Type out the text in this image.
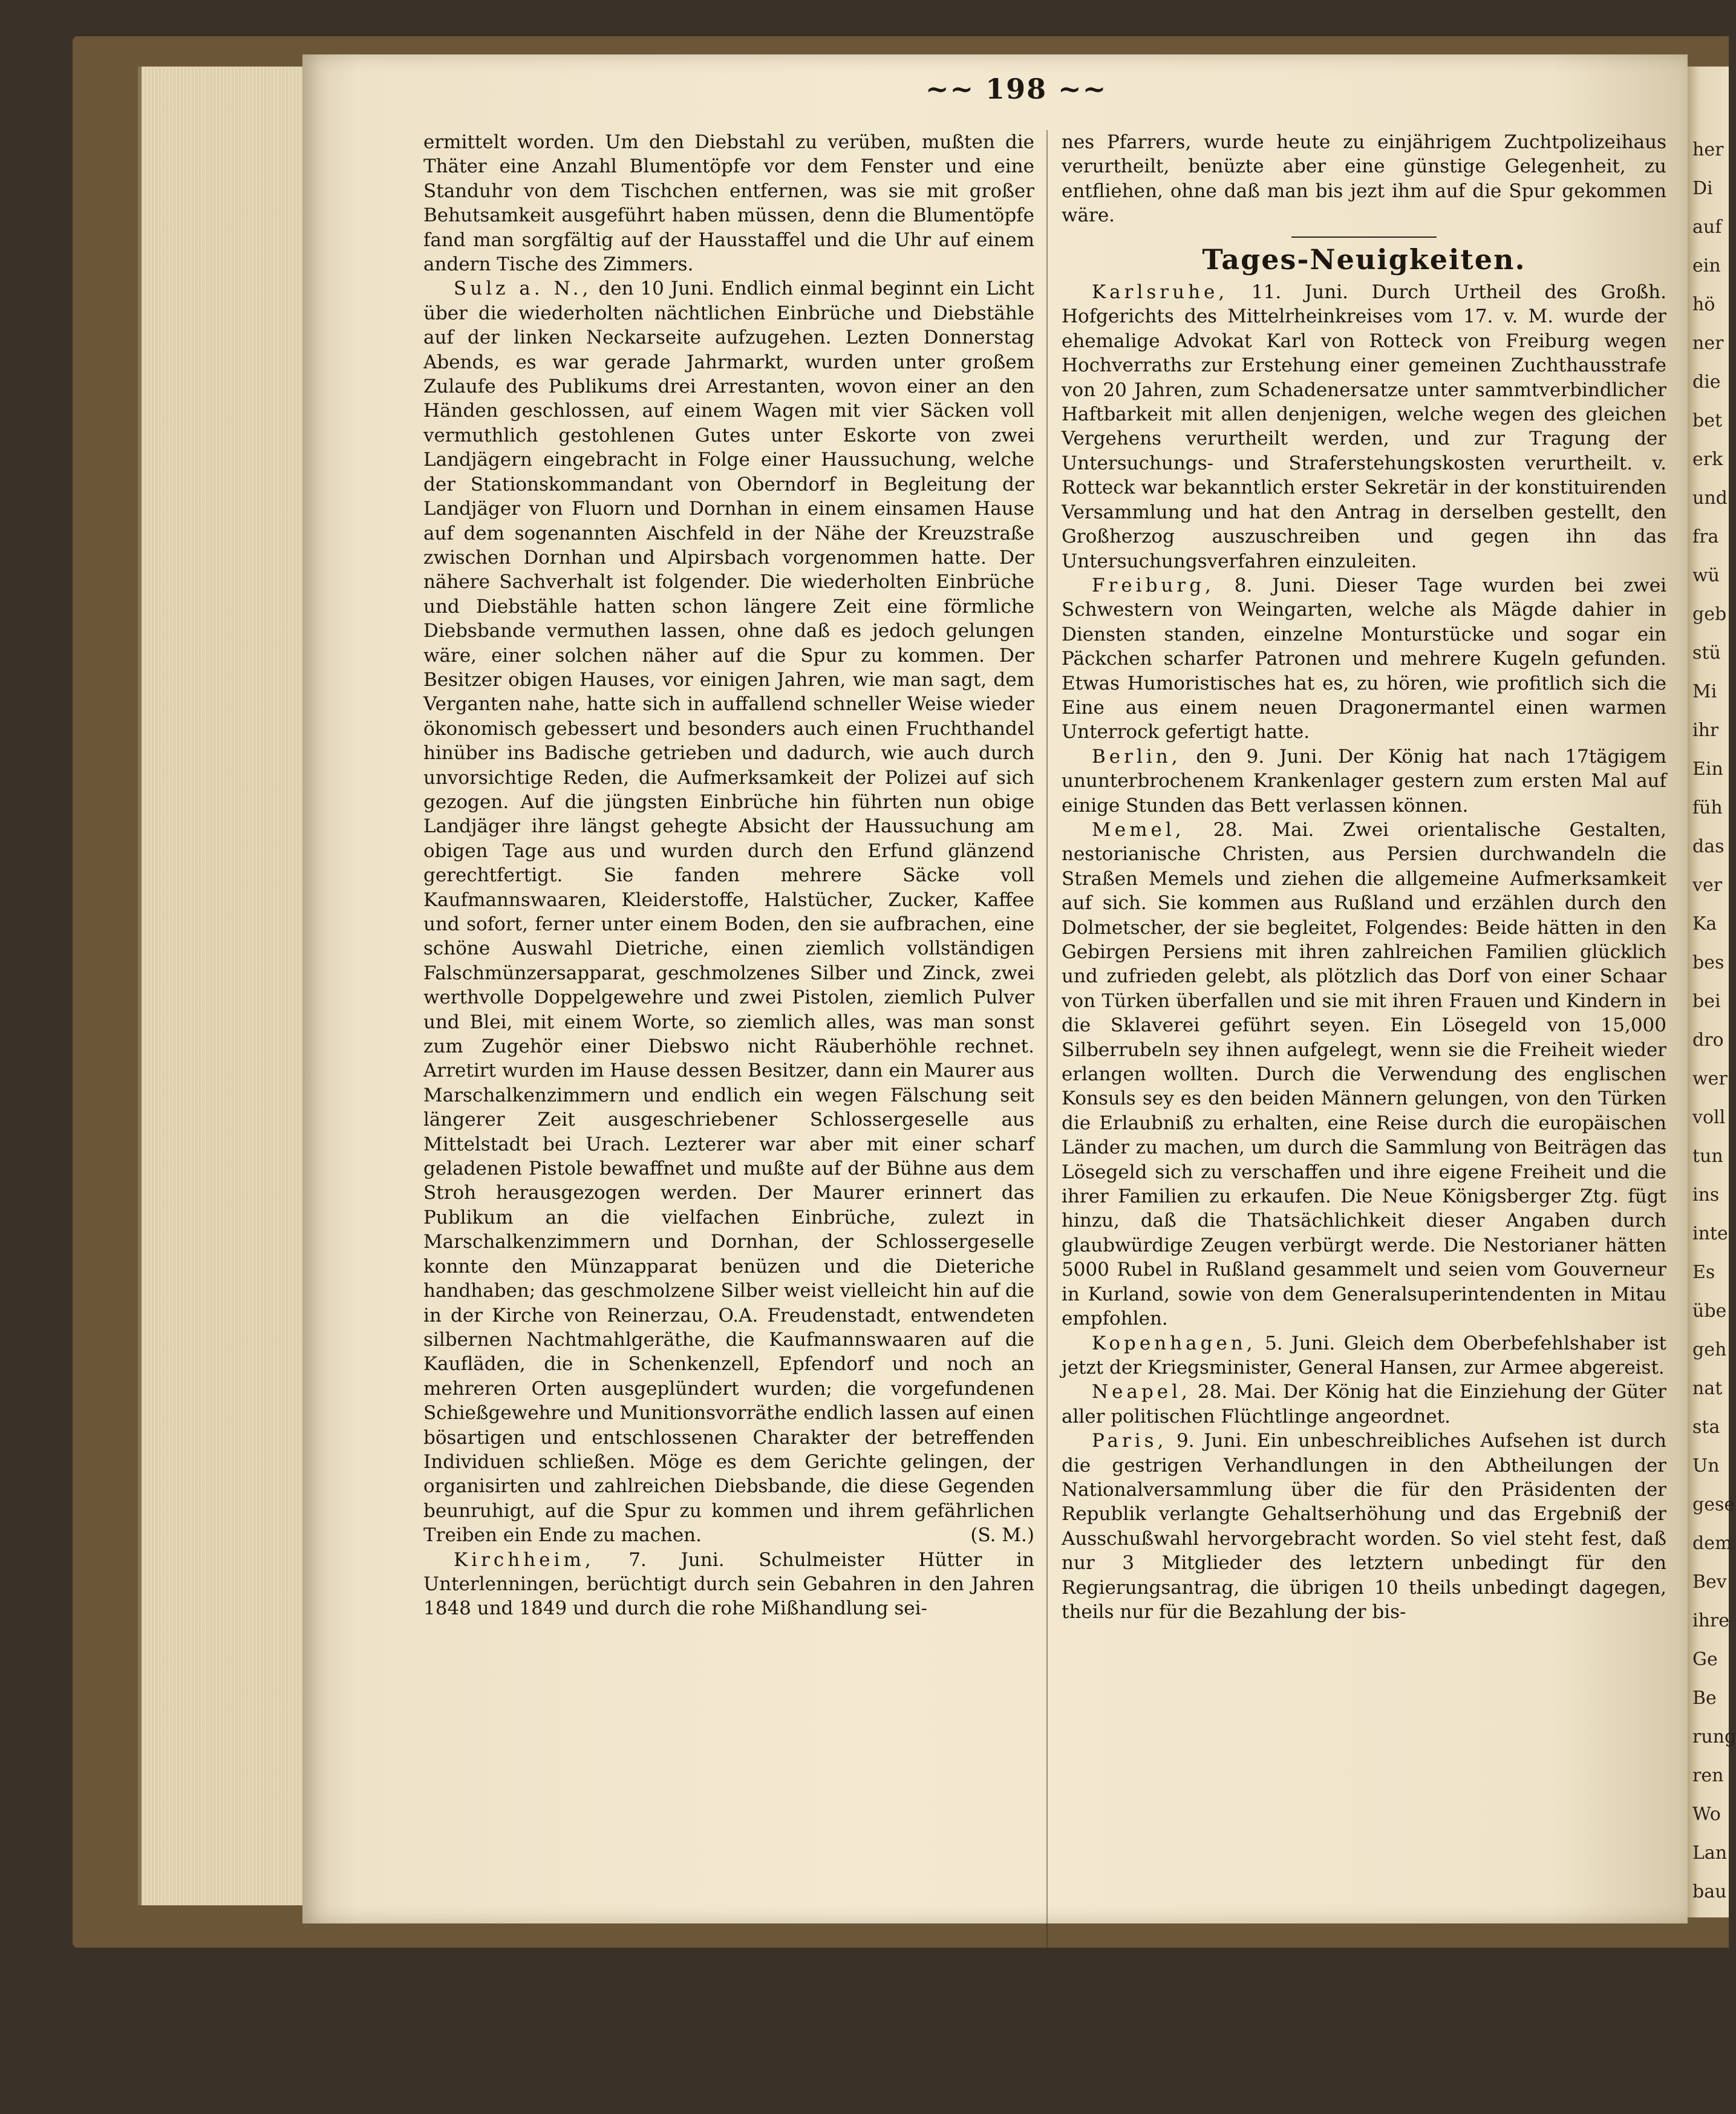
her
Di
auf
ein
hö
ner
die
bet
erk
und
fra
wü
geb
stü
Mi
ihr
Ein
füh
das
ver
Ka
bes
bei
dro
wer
voll
tun
ins
inte
Es
übe
geh
nat
sta
Un
gese
dem
Bev
ihre
Ge
Be
rung
ren
Wo
Lan
bau
~~ 198 ~~

ermittelt worden. Um den Diebstahl zu verüben, mußten die Thäter eine Anzahl Blumentöpfe vor dem Fenster und eine Standuhr von dem Tischchen entfernen, was sie mit großer Behutsamkeit ausgeführt haben müssen, denn die Blumentöpfe fand man sorgfältig auf der Hausstaffel und die Uhr auf einem andern Tische des Zimmers.

Sulz a. N., den 10 Juni. Endlich einmal beginnt ein Licht über die wiederholten nächtlichen Einbrüche und Diebstähle auf der linken Neckarseite aufzugehen. Lezten Donnerstag Abends, es war gerade Jahrmarkt, wurden unter großem Zulaufe des Publikums drei Arrestanten, wovon einer an den Händen geschlossen, auf einem Wagen mit vier Säcken voll vermuthlich gestohlenen Gutes unter Eskorte von zwei Landjägern eingebracht in Folge einer Haussuchung, welche der Stationskommandant von Oberndorf in Begleitung der Landjäger von Fluorn und Dornhan in einem einsamen Hause auf dem sogenannten Aischfeld in der Nähe der Kreuzstraße zwischen Dornhan und Alpirsbach vorgenommen hatte. Der nähere Sachverhalt ist folgender. Die wiederholten Einbrüche und Diebstähle hatten schon längere Zeit eine förmliche Diebsbande vermuthen lassen, ohne daß es jedoch gelungen wäre, einer solchen näher auf die Spur zu kommen. Der Besitzer obigen Hauses, vor einigen Jahren, wie man sagt, dem Verganten nahe, hatte sich in auffallend schneller Weise wieder ökonomisch gebessert und besonders auch einen Fruchthandel hinüber ins Badische getrieben und dadurch, wie auch durch unvorsichtige Reden, die Aufmerksamkeit der Polizei auf sich gezogen. Auf die jüngsten Einbrüche hin führten nun obige Landjäger ihre längst gehegte Absicht der Haussuchung am obigen Tage aus und wurden durch den Erfund glänzend gerechtfertigt. Sie fanden mehrere Säcke voll Kaufmannswaaren, Kleiderstoffe, Halstücher, Zucker, Kaffee und sofort, ferner unter einem Boden, den sie aufbrachen, eine schöne Auswahl Dietriche, einen ziemlich vollständigen Falschmünzersapparat, geschmolzenes Silber und Zinck, zwei werthvolle Doppelgewehre und zwei Pistolen, ziemlich Pulver und Blei, mit einem Worte, so ziemlich alles, was man sonst zum Zugehör einer Diebswo nicht Räuberhöhle rechnet. Arretirt wurden im Hause dessen Besitzer, dann ein Maurer aus Marschalkenzimmern und endlich ein wegen Fälschung seit längerer Zeit ausgeschriebener Schlossergeselle aus Mittelstadt bei Urach. Lezterer war aber mit einer scharf geladenen Pistole bewaffnet und mußte auf der Bühne aus dem Stroh herausgezogen werden. Der Maurer erinnert das Publikum an die vielfachen Einbrüche, zulezt in Marschalkenzimmern und Dornhan, der Schlossergeselle konnte den Münzapparat benüzen und die Dieteriche handhaben; das geschmolzene Silber weist vielleicht hin auf die in der Kirche von Reinerzau, O.A. Freudenstadt, entwendeten silbernen Nachtmahlgeräthe, die Kaufmannswaaren auf die Kaufläden, die in Schenkenzell, Epfendorf und noch an mehreren Orten ausgeplündert wurden; die vorgefundenen Schießgewehre und Munitionsvorräthe endlich lassen auf einen bösartigen und entschlossenen Charakter der betreffenden Individuen schließen. Möge es dem Gerichte gelingen, der organisirten und zahlreichen Diebsbande, die diese Gegenden beunruhigt, auf die Spur zu kommen und ihrem gefährlichen Treiben ein Ende zu machen.	(S. M.)

Kirchheim, 7. Juni. Schulmeister Hütter in Unterlenningen, berüchtigt durch sein Gebahren in den Jahren 1848 und 1849 und durch die rohe Mißhandlung sei-

nes Pfarrers, wurde heute zu einjährigem Zuchtpolizeihaus verurtheilt, benüzte aber eine günstige Gelegenheit, zu entfliehen, ohne daß man bis jezt ihm auf die Spur gekommen wäre.

Tages-Neuigkeiten.

Karlsruhe, 11. Juni. Durch Urtheil des Großh. Hofgerichts des Mittelrheinkreises vom 17. v. M. wurde der ehemalige Advokat Karl von Rotteck von Freiburg wegen Hochverraths zur Erstehung einer gemeinen Zuchthausstrafe von 20 Jahren, zum Schadenersatze unter sammtverbindlicher Haftbarkeit mit allen denjenigen, welche wegen des gleichen Vergehens verurtheilt werden, und zur Tragung der Untersuchungs- und Straferstehungskosten verurtheilt. v. Rotteck war bekanntlich erster Sekretär in der konstituirenden Versammlung und hat den Antrag in derselben gestellt, den Großherzog auszuschreiben und gegen ihn das Untersuchungsverfahren einzuleiten.

Freiburg, 8. Juni. Dieser Tage wurden bei zwei Schwestern von Weingarten, welche als Mägde dahier in Diensten standen, einzelne Monturstücke und sogar ein Päckchen scharfer Patronen und mehrere Kugeln gefunden. Etwas Humoristisches hat es, zu hören, wie profitlich sich die Eine aus einem neuen Dragonermantel einen warmen Unterrock gefertigt hatte.

Berlin, den 9. Juni. Der König hat nach 17tägigem ununterbrochenem Krankenlager gestern zum ersten Mal auf einige Stunden das Bett verlassen können.

Memel, 28. Mai. Zwei orientalische Gestalten, nestorianische Christen, aus Persien durchwandeln die Straßen Memels und ziehen die allgemeine Aufmerksamkeit auf sich. Sie kommen aus Rußland und erzählen durch den Dolmetscher, der sie begleitet, Folgendes: Beide hätten in den Gebirgen Persiens mit ihren zahlreichen Familien glücklich und zufrieden gelebt, als plötzlich das Dorf von einer Schaar von Türken überfallen und sie mit ihren Frauen und Kindern in die Sklaverei geführt seyen. Ein Lösegeld von 15,000 Silberrubeln sey ihnen aufgelegt, wenn sie die Freiheit wieder erlangen wollten. Durch die Verwendung des englischen Konsuls sey es den beiden Männern gelungen, von den Türken die Erlaubniß zu erhalten, eine Reise durch die europäischen Länder zu machen, um durch die Sammlung von Beiträgen das Lösegeld sich zu verschaffen und ihre eigene Freiheit und die ihrer Familien zu erkaufen. Die Neue Königsberger Ztg. fügt hinzu, daß die Thatsächlichkeit dieser Angaben durch glaubwürdige Zeugen verbürgt werde. Die Nestorianer hätten 5000 Rubel in Rußland gesammelt und seien vom Gouverneur in Kurland, sowie von dem Generalsuperintendenten in Mitau empfohlen.

Kopenhagen, 5. Juni. Gleich dem Oberbefehlshaber ist jetzt der Kriegsminister, General Hansen, zur Armee abgereist.

Neapel, 28. Mai. Der König hat die Einziehung der Güter aller politischen Flüchtlinge angeordnet.

Paris, 9. Juni. Ein unbeschreibliches Aufsehen ist durch die gestrigen Verhandlungen in den Abtheilungen der Nationalversammlung über die für den Präsidenten der Republik verlangte Gehaltserhöhung und das Ergebniß der Ausschußwahl hervorgebracht worden. So viel steht fest, daß nur 3 Mitglieder des letztern unbedingt für den Regierungsantrag, die übrigen 10 theils unbedingt dagegen, theils nur für die Bezahlung der bis-
